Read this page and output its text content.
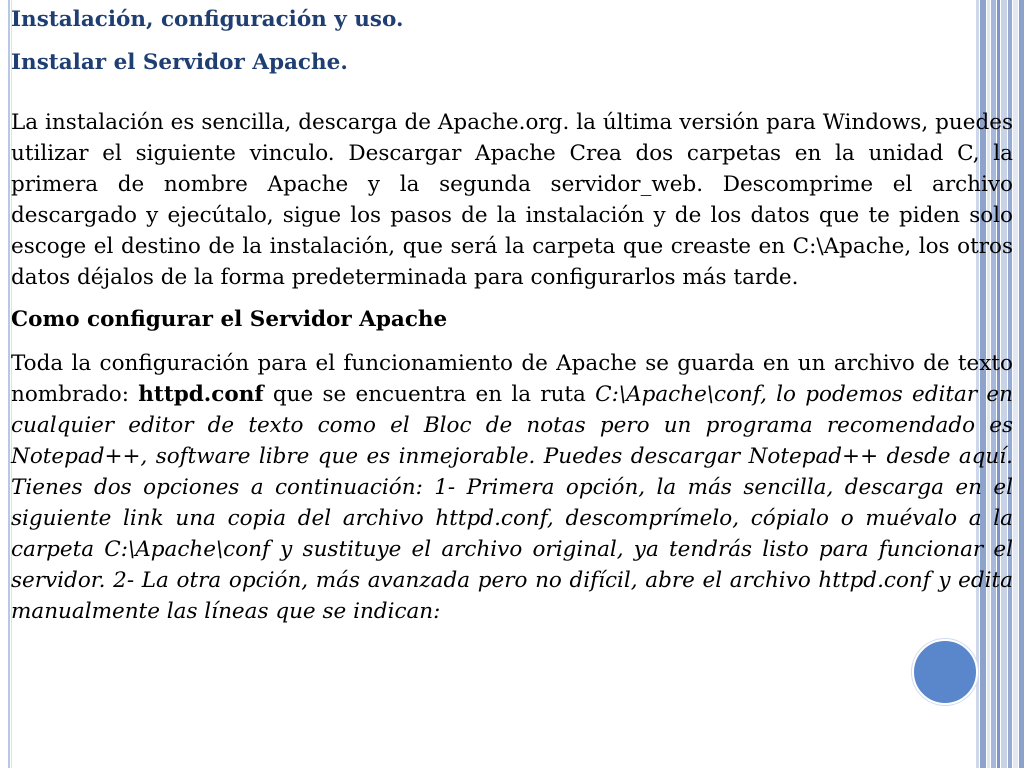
Instalación, configuración y uso.

Instalar el Servidor Apache.

La instalación es sencilla, descarga de Apache.org. la última versión para Windows, puedes utilizar el siguiente vinculo. Descargar Apache Crea dos carpetas en la unidad C, la primera de nombre Apache y la segunda servidor_web. Descomprime el archivo descargado y ejecútalo, sigue los pasos de la instalación y de los datos que te piden solo escoge el destino de la instalación, que será la carpeta que creaste en C:\Apache, los otros datos déjalos de la forma predeterminada para configurarlos más tarde.

Como configurar el Servidor Apache

Toda la configuración para el funcionamiento de Apache se guarda en un archivo de texto nombrado: httpd.conf que se encuentra en la ruta C:\Apache\conf, lo podemos editar en cualquier editor de texto como el Bloc de notas pero un programa recomendado es Notepad++, software libre que es inmejorable. Puedes descargar Notepad++ desde aquí. Tienes dos opciones a continuación: 1- Primera opción, la más sencilla, descarga en el siguiente link una copia del archivo httpd.conf, descomprímelo, cópialo o muévalo a la carpeta C:\Apache\conf y sustituye el archivo original, ya tendrás listo para funcionar el servidor. 2- La otra opción, más avanzada pero no difícil, abre el archivo httpd.conf y edita manualmente las líneas que se indican:
